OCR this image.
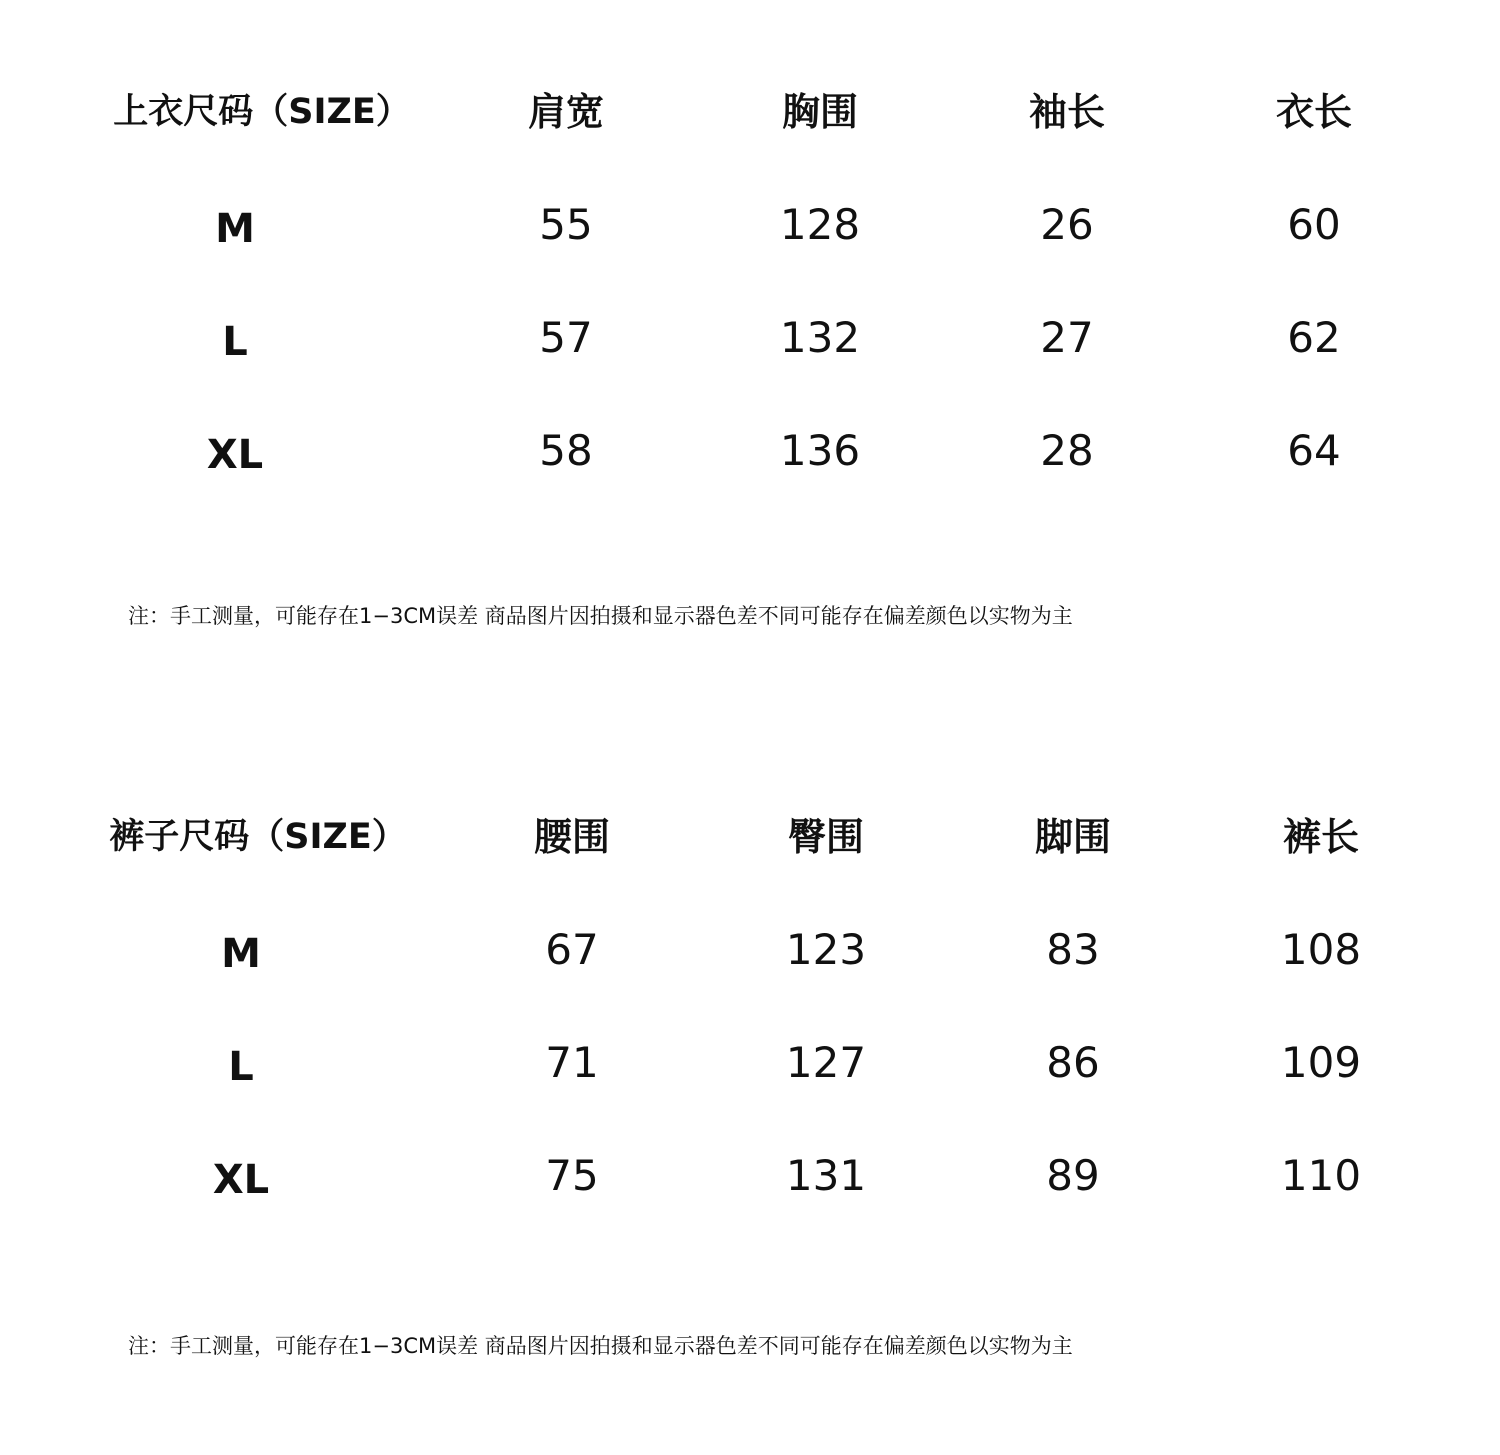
上衣尺码（SIZE）	肩宽	胸围	袖长	衣长
M	55	128	26	60
L	57	132	27	62
XL	58	136	28	64
注：手工测量，可能存在1−3CM误差 商品图片因拍摄和显示器色差不同可能存在偏差颜色以实物为主
裤子尺码（SIZE）	腰围	臀围	脚围	裤长
M	67	123	83	108
L	71	127	86	109
XL	75	131	89	110
注：手工测量，可能存在1−3CM误差 商品图片因拍摄和显示器色差不同可能存在偏差颜色以实物为主
